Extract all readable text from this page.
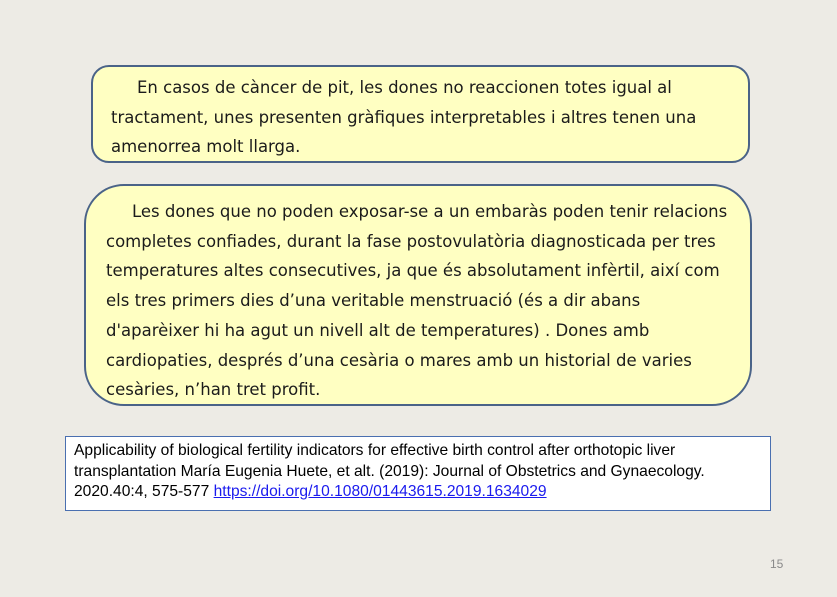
En casos de càncer de pit, les dones no reaccionen totes igual al tractament, unes presenten gràfiques interpretables i altres tenen una amenorrea molt llarga.
Les dones que no poden exposar-se a un embaràs poden tenir relacions completes confiades, durant la fase postovulatòria diagnosticada per tres temperatures altes consecutives, ja que és absolutament infèrtil, així com els tres primers dies d’una veritable menstruació (és a dir abans d'aparèixer hi ha agut un nivell alt de temperatures) . Dones amb cardiopaties, després d’una cesària o mares amb un historial de varies cesàries, n’han tret profit.
Applicability of biological fertility indicators for effective birth control after orthotopic liver transplantation María Eugenia Huete, et alt. (2019): Journal of Obstetrics and Gynaecology. 2020.40:4, 575-577 https://doi.org/10.1080/01443615.2019.1634029
15
